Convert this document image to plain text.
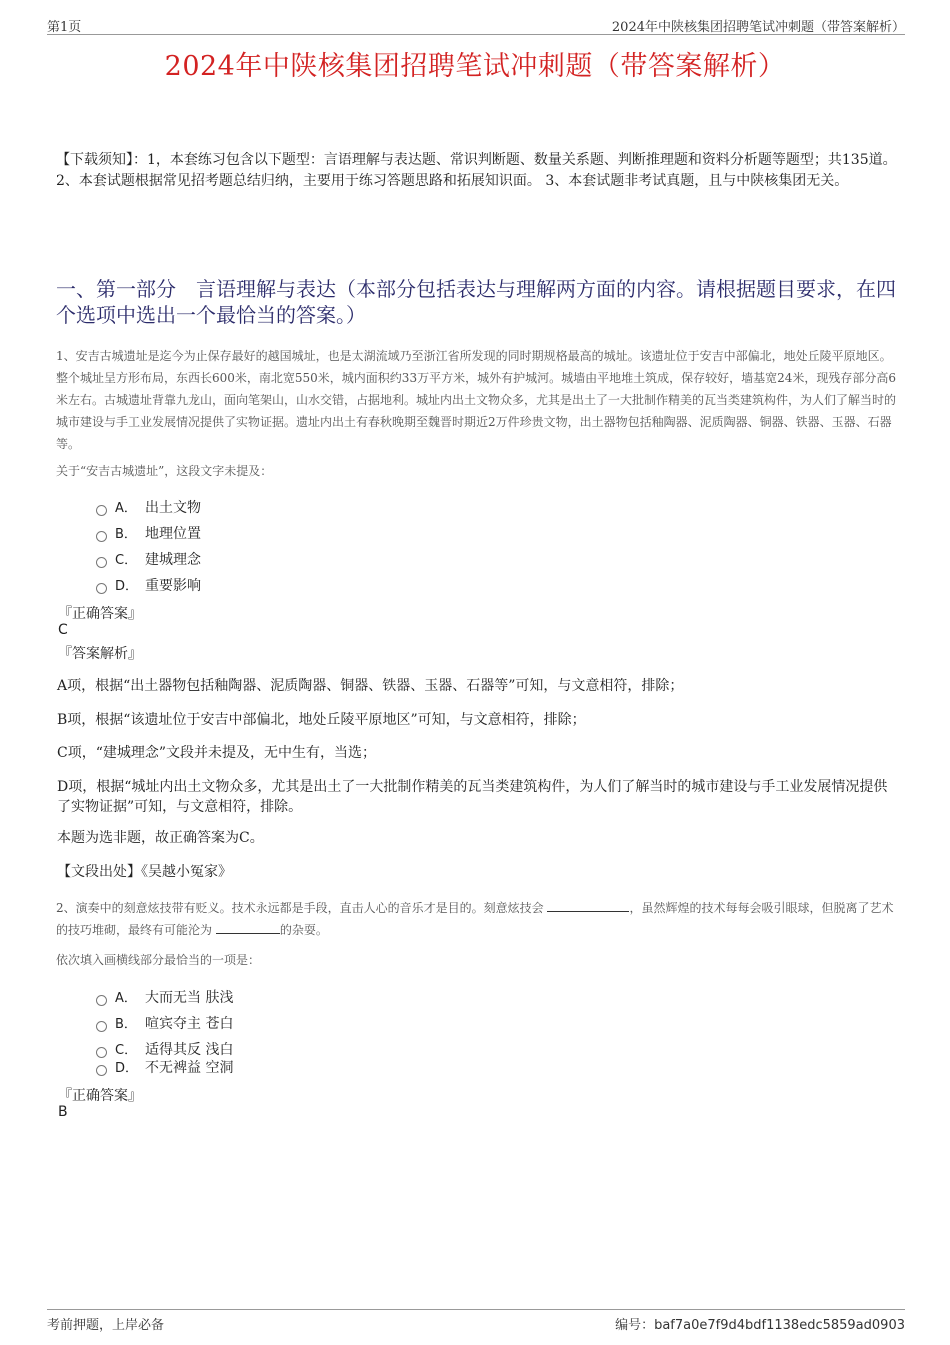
第1页	2024年中陕核集团招聘笔试冲刺题（带答案解析）
2024年中陕核集团招聘笔试冲刺题（带答案解析）
【下载须知】：1，本套练习包含以下题型：言语理解与表达题、常识判断题、数量关系题、判断推理题和资料分析题等题型；共135道。 2、本套试题根据常见招考题总结归纳，主要用于练习答题思路和拓展知识面。 3、本套试题非考试真题，且与中陕核集团无关。
一、第一部分　言语理解与表达（本部分包括表达与理解两方面的内容。请根据题目要求，在四个选项中选出一个最恰当的答案。）
1、安吉古城遗址是迄今为止保存最好的越国城址，也是太湖流域乃至浙江省所发现的同时期规格最高的城址。该遗址位于安吉中部偏北，地处丘陵平原地区。整个城址呈方形布局，东西长600米，南北宽550米，城内面积约33万平方米，城外有护城河。城墙由平地堆土筑成，保存较好，墙基宽24米，现残存部分高6米左右。古城遗址背靠九龙山，面向笔架山，山水交错，占据地利。城址内出土文物众多，尤其是出土了一大批制作精美的瓦当类建筑构件，为人们了解当时的城市建设与手工业发展情况提供了实物证据。遗址内出土有春秋晚期至魏晋时期近2万件珍贵文物，出土器物包括釉陶器、泥质陶器、铜器、铁器、玉器、石器等。
关于“安吉古城遗址”，这段文字未提及：
A． 出土文物
B． 地理位置
C． 建城理念
D． 重要影响
『正确答案』
C
『答案解析』
A项，根据“出土器物包括釉陶器、泥质陶器、铜器、铁器、玉器、石器等”可知，与文意相符，排除；
B项，根据“该遗址位于安吉中部偏北，地处丘陵平原地区”可知，与文意相符，排除；
C项，“建城理念”文段并未提及，无中生有，当选；
D项，根据“城址内出土文物众多，尤其是出土了一大批制作精美的瓦当类建筑构件，为人们了解当时的城市建设与手工业发展情况提供了实物证据”可知，与文意相符，排除。
本题为选非题，故正确答案为C。
【文段出处】《吴越小冤家》
2、演奏中的刻意炫技带有贬义。技术永远都是手段，直击人心的音乐才是目的。刻意炫技会	，虽然辉煌的技术每每会吸引眼球，但脱离了艺术的技巧堆砌，最终有可能沦为	的杂耍。
依次填入画横线部分最恰当的一项是：
A． 大而无当 肤浅
B． 喧宾夺主 苍白
C． 适得其反 浅白
D． 不无裨益 空洞
『正确答案』
B
考前押题，上岸必备	编号：baf7a0e7f9d4bdf1138edc5859ad0903
